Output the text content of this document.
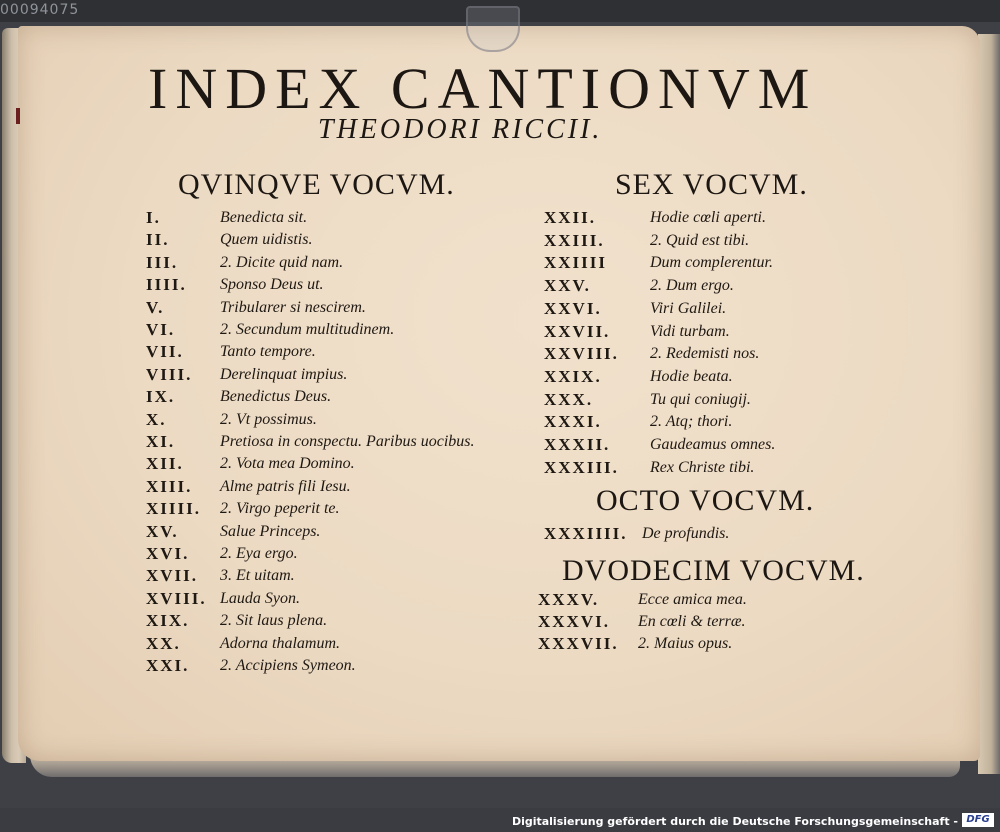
00094075
INDEX CANTIONVM
THEODORI RICCII.
QVINQVE VOCVM.	SEX VOCVM.
OCTO VOCVM.
DVODECIM VOCVM.
I.	Benedicta sit.
II.	Quem uidistis.
III.	2. Dicite quid nam.
IIII. Sponso Deus ut.
V.	Tribularer si nescirem.
VI.	2. Secundum multitudinem.
VII. Tanto tempore.
VIII. Derelinquat impius.
IX.	Benedictus Deus.
X.	2. Vt possimus.
XI.	Pretiosa in conspectu. Paribus uocibus.
XII. 2. Vota mea Domino.
XIII. Alme patris fili Iesu.
XIIII. 2. Virgo peperit te.
XV.	Salue Princeps.
XVI. 2. Eya ergo.
XVII. 3. Et uitam.
XVIII. Lauda Syon.
XIX. 2. Sit laus plena.
XX. Adorna thalamum.
XXI. 2. Accipiens Symeon.
XXII.	Hodie cœli aperti.
XXIII.	2. Quid est tibi.
XXIIII	Dum complerentur.
XXV.	2. Dum ergo.
XXVI.	Viri Galilei.
XXVII. Vidi turbam.
XXVIII. 2. Redemisti nos.
XXIX.	Hodie beata.
XXX.	Tu qui coniugij.
XXXI.	2. Atq; thori.
XXXII. Gaudeamus omnes.
XXXIII. Rex Christe tibi.
XXXIIII. De profundis.
XXXV. Ecce amica mea.
XXXVI. En cœli & terræ.
XXXVII. 2. Maius opus.
Digitalisierung gefördert durch die Deutsche Forschungsgemeinschaft - DFG
